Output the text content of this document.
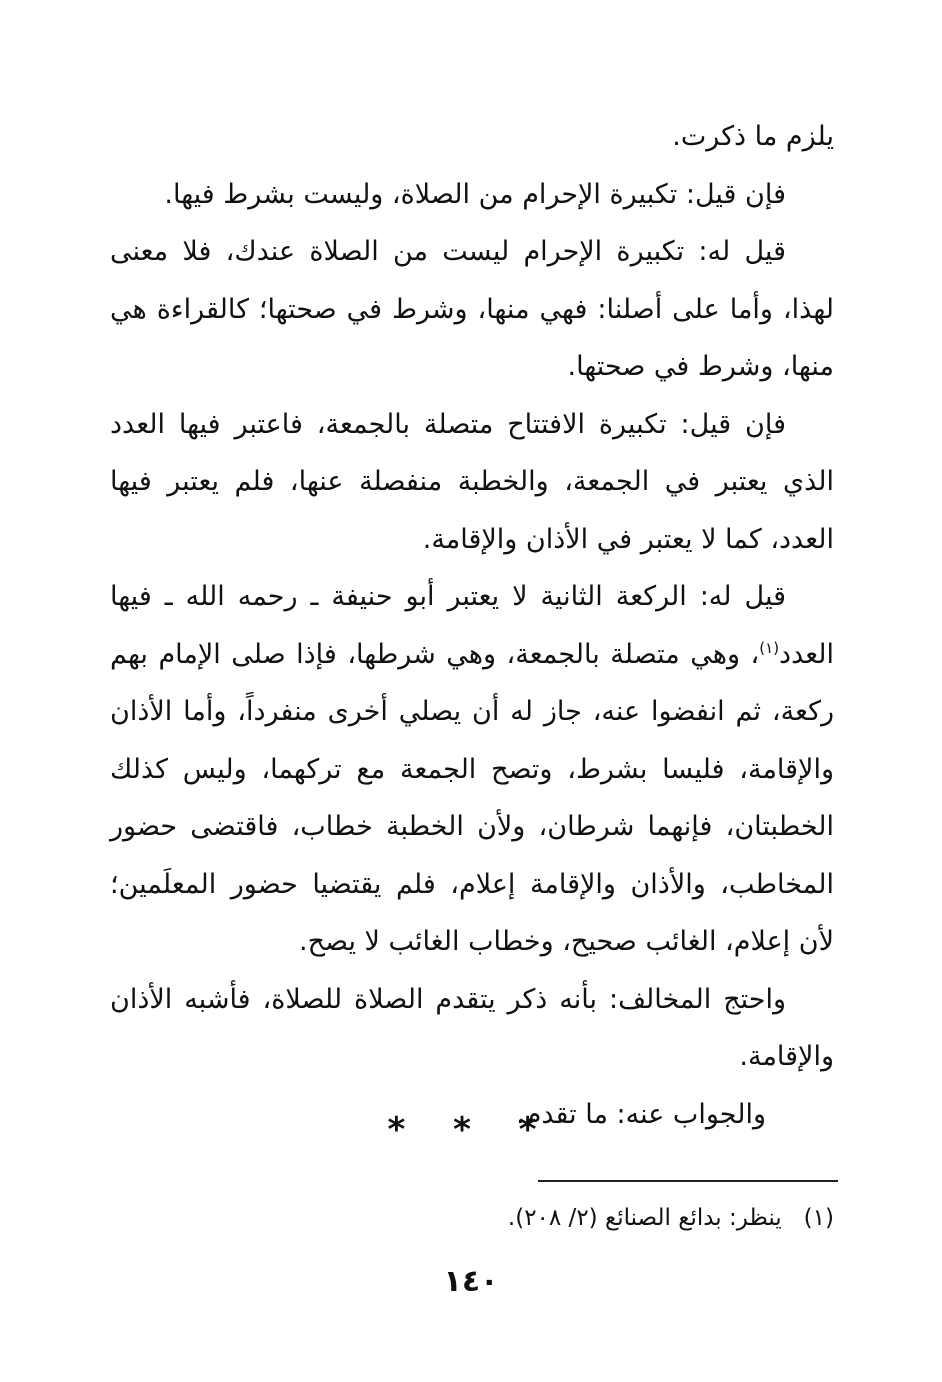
يلزم ما ذكرت.

فإن قيل: تكبيرة الإحرام من الصلاة، وليست بشرط فيها.

قيل له: تكبيرة الإحرام ليست من الصلاة عندك، فلا معنى لهذا، وأما على أصلنا: فهي منها، وشرط في صحتها؛ كالقراءة هي منها، وشرط في صحتها.

فإن قيل: تكبيرة الافتتاح متصلة بالجمعة، فاعتبر فيها العدد الذي يعتبر في الجمعة، والخطبة منفصلة عنها، فلم يعتبر فيها العدد، كما لا يعتبر في الأذان والإقامة.

قيل له: الركعة الثانية لا يعتبر أبو حنيفة ـ رحمه الله ـ فيها العدد$^{(١)}$، وهي متصلة بالجمعة، وهي شرطها، فإذا صلى الإمام بهم ركعة، ثم انفضوا عنه، جاز له أن يصلي أخرى منفرداً، وأما الأذان والإقامة، فليسا بشرط، وتصح الجمعة مع تركهما، وليس كذلك الخطبتان، فإنهما شرطان، ولأن الخطبة خطاب، فاقتضى حضور المخاطب، والأذان والإقامة إعلام، فلم يقتضيا حضور المعلَمين؛ لأن إعلام، الغائب صحيح، وخطاب الغائب لا يصح.

واحتج المخالف: بأنه ذكر يتقدم الصلاة للصلاة، فأشبه الأذان والإقامة.

والجواب عنه: ما تقدم.

* * *
(١)ينظر: بدائع الصنائع (٢/ ٢٠٨).
١٤٠
